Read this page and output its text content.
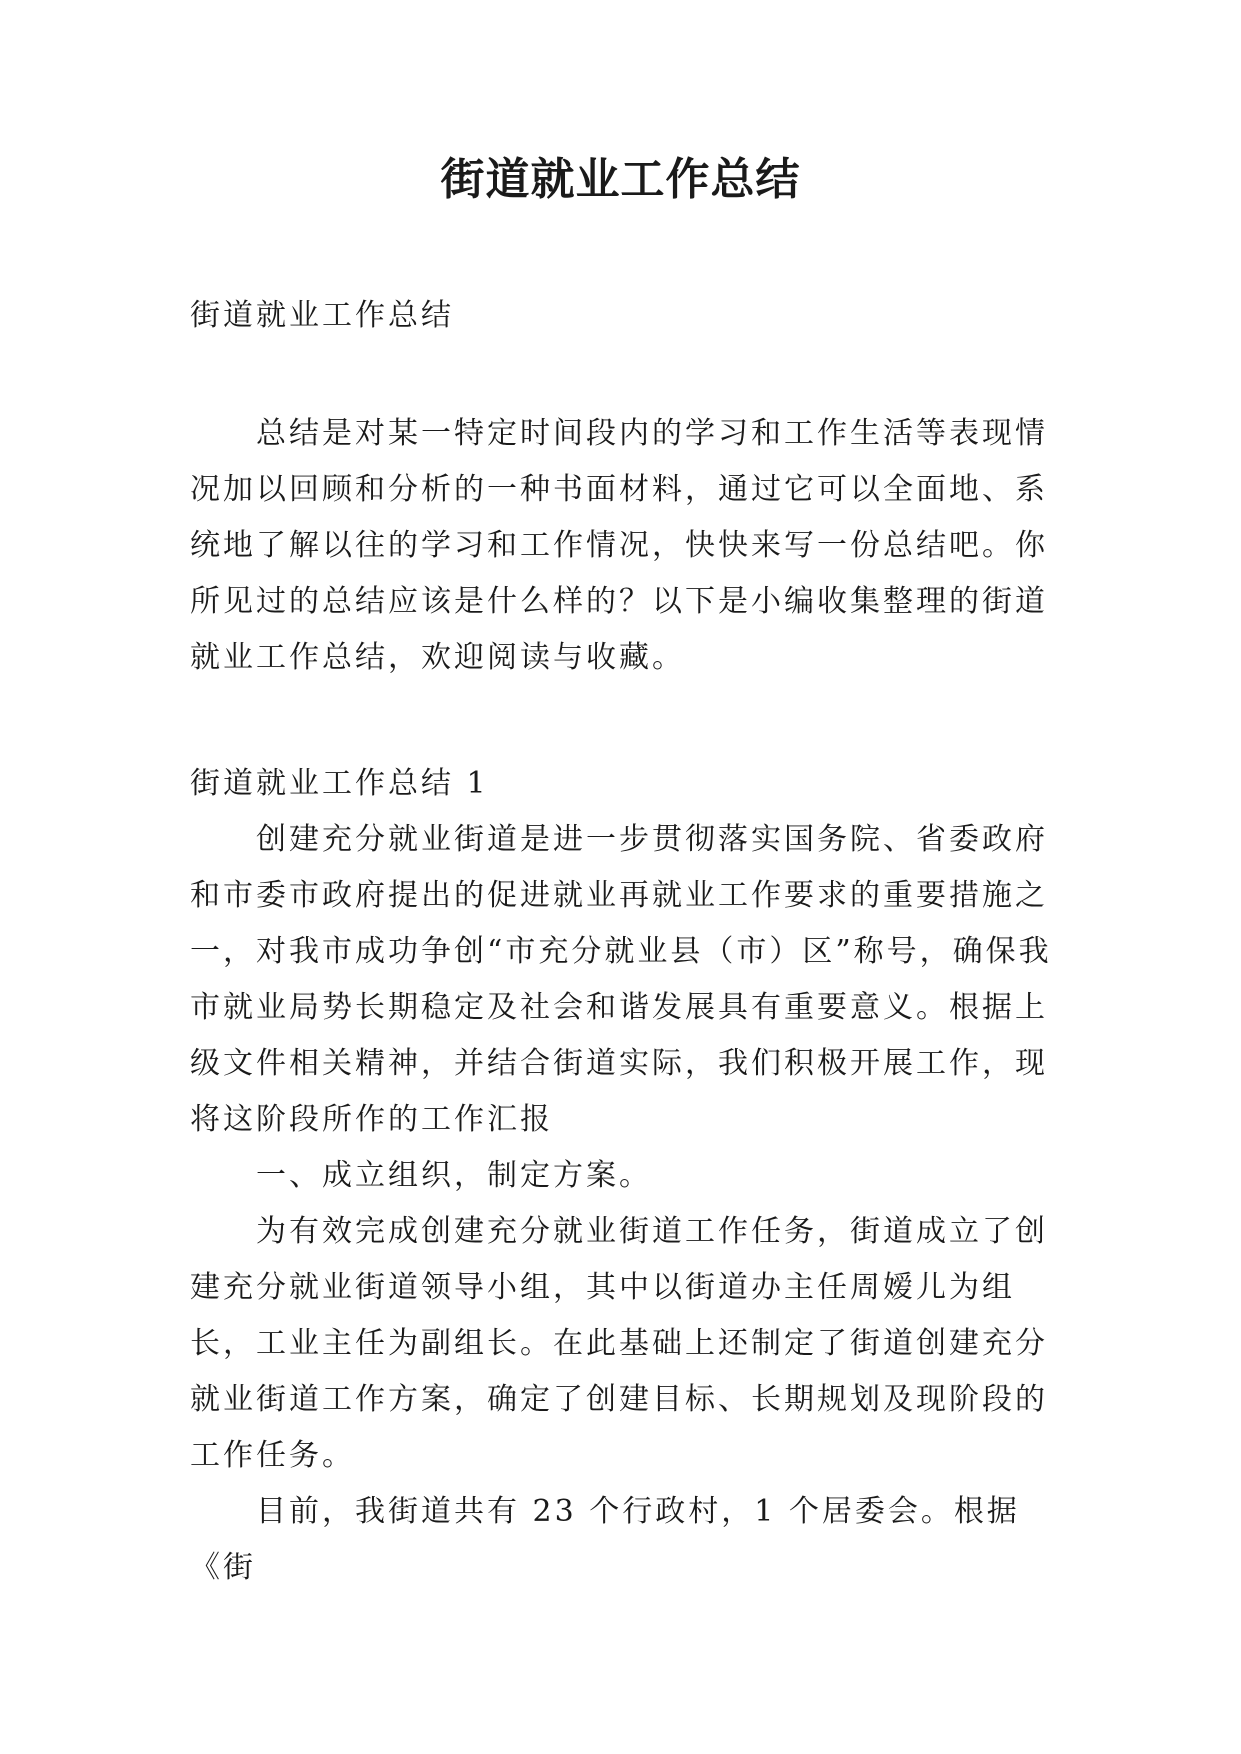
街道就业工作总结

街道就业工作总结

总结是对某一特定时间段内的学习和工作生活等表现情况加以回顾和分析的一种书面材料，通过它可以全面地、系统地了解以往的学习和工作情况，快快来写一份总结吧。你所见过的总结应该是什么样的？以下是小编收集整理的街道就业工作总结，欢迎阅读与收藏。

街道就业工作总结 1

创建充分就业街道是进一步贯彻落实国务院、省委政府和市委市政府提出的促进就业再就业工作要求的重要措施之一，对我市成功争创“市充分就业县（市）区”称号，确保我市就业局势长期稳定及社会和谐发展具有重要意义。根据上级文件相关精神，并结合街道实际，我们积极开展工作，现将这阶段所作的工作汇报
一、成立组织，制定方案。
为有效完成创建充分就业街道工作任务，街道成立了创建充分就业街道领导小组，其中以街道办主任周嫒儿为组长，工业主任为副组长。在此基础上还制定了街道创建充分就业街道工作方案，确定了创建目标、长期规划及现阶段的工作任务。
目前，我街道共有 23 个行政村，1 个居委会。根据《街
